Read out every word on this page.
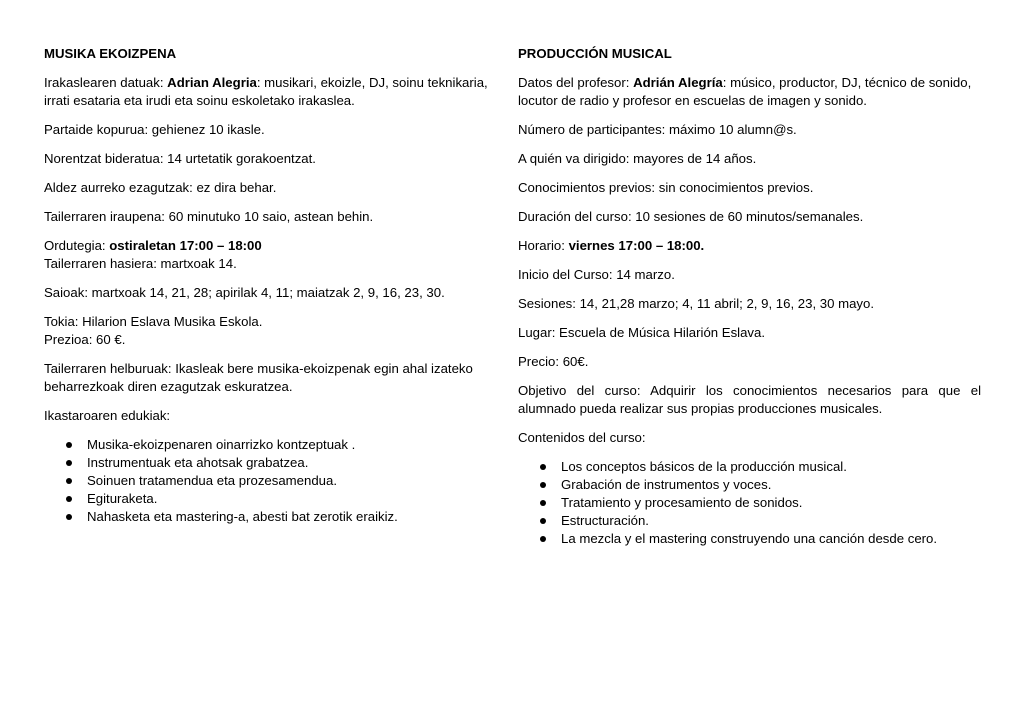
MUSIKA EKOIZPENA

Irakaslearen datuak: Adrian Alegria: musikari, ekoizle, DJ, soinu teknikaria, irrati esataria eta irudi eta soinu eskoletako irakaslea.

Partaide kopurua: gehienez 10 ikasle.

Norentzat bideratua: 14 urtetatik gorakoentzat.

Aldez aurreko ezagutzak: ez dira behar.

Tailerraren iraupena: 60 minutuko 10 saio, astean behin.

Ordutegia: ostiraletan 17:00 – 18:00
Tailerraren hasiera: martxoak 14.

Saioak: martxoak 14, 21, 28; apirilak 4, 11; maiatzak 2, 9, 16, 23, 30.

Tokia: Hilarion Eslava Musika Eskola.
Prezioa: 60 €.

Tailerraren helburuak: Ikasleak bere musika-ekoizpenak egin ahal izateko beharrezkoak diren ezagutzak eskuratzea.

Ikastaroaren edukiak:

Musika-ekoizpenaren oinarrizko kontzeptuak .
Instrumentuak eta ahotsak grabatzea.
Soinuen tratamendua eta prozesamendua.
Egituraketa.
Nahasketa eta mastering-a, abesti bat zerotik eraikiz.
PRODUCCIÓN MUSICAL

Datos del profesor: Adrián Alegría: músico, productor, DJ, técnico de sonido, locutor de radio y profesor en escuelas de imagen y sonido.

Número de participantes: máximo 10 alumn@s.

A quién va dirigido: mayores de 14 años.

Conocimientos previos: sin conocimientos previos.

Duración del curso: 10 sesiones de 60 minutos/semanales.

Horario: viernes 17:00 – 18:00.

Inicio del Curso: 14 marzo.

Sesiones: 14, 21,28 marzo; 4, 11 abril; 2, 9, 16, 23, 30 mayo.

Lugar: Escuela de Música Hilarión Eslava.

Precio: 60€.

Objetivo del curso: Adquirir los conocimientos necesarios para que el alumnado pueda realizar sus propias producciones musicales.

Contenidos del curso:

Los conceptos básicos de la producción musical.
Grabación de instrumentos y voces.
Tratamiento y procesamiento de sonidos.
Estructuración.
La mezcla y el mastering construyendo una canción desde cero.
